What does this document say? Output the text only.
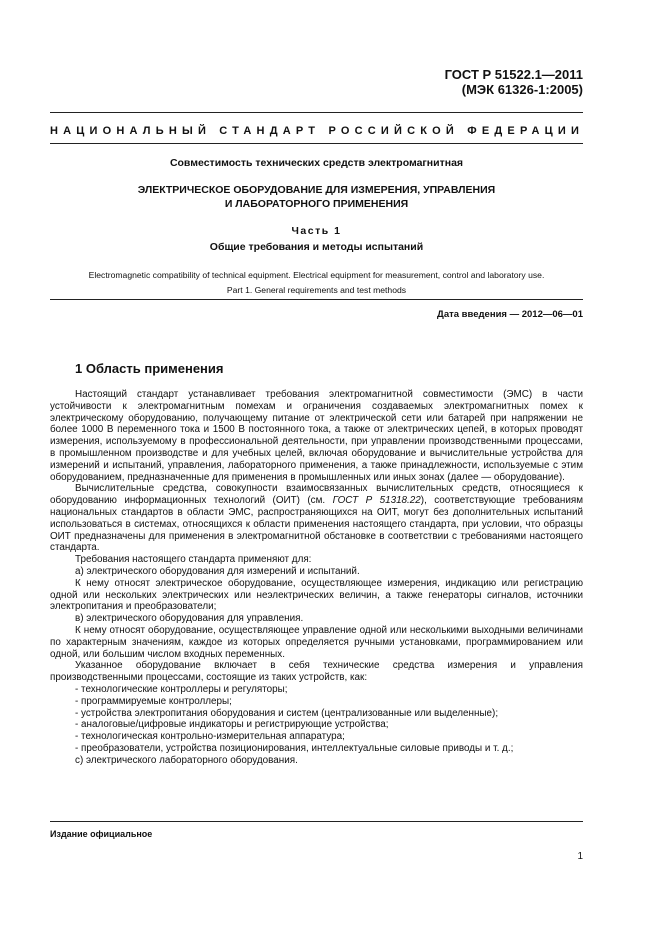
ГОСТ Р 51522.1—2011
(МЭК 61326-1:2005)
НАЦИОНАЛЬНЫЙ СТАНДАРТ РОССИЙСКОЙ ФЕДЕРАЦИИ
Совместимость технических средств электромагнитная
ЭЛЕКТРИЧЕСКОЕ ОБОРУДОВАНИЕ ДЛЯ ИЗМЕРЕНИЯ, УПРАВЛЕНИЯ
И ЛАБОРАТОРНОГО ПРИМЕНЕНИЯ
Часть 1
Общие требования и методы испытаний
Electromagnetic compatibility of technical equipment. Electrical equipment for measurement, control and laboratory use.
Part 1. General requirements and test methods
Дата введения — 2012—06—01
1 Область применения

Настоящий стандарт устанавливает требования электромагнитной совместимости (ЭМС) в части устойчивости к электромагнитным помехам и ограничения создаваемых электромагнитных помех к электрическому оборудованию, получающему питание от электрической сети или батарей при напряжении не более 1000 В переменного тока и 1500 В постоянного тока, а также от электрических цепей, в которых проводят измерения, используемому в профессиональной деятельности, при управлении производственными процессами, в промышленном производстве и для учебных целей, включая оборудование и вычислительные устройства для измерений и испытаний, управления, лабораторного применения, а также принадлежности, используемые с этим оборудованием, предназначенные для применения в промышленных или иных зонах (далее — оборудование).

Вычислительные средства, совокупности взаимосвязанных вычислительных средств, относящиеся к оборудованию информационных технологий (ОИТ) (см. ГОСТ Р 51318.22), соответствующие требованиям национальных стандартов в области ЭМС, распространяющихся на ОИТ, могут без дополнительных испытаний использоваться в системах, относящихся к области применения настоящего стандарта, при условии, что образцы ОИТ предназначены для применения в электромагнитной обстановке в соответствии с требованиями настоящего стандарта.

Требования настоящего стандарта применяют для:

а) электрического оборудования для измерений и испытаний.

К нему относят электрическое оборудование, осуществляющее измерения, индикацию или регистрацию одной или нескольких электрических или неэлектрических величин, а также генераторы сигналов, источники электропитания и преобразователи;

в) электрического оборудования для управления.

К нему относят оборудование, осуществляющее управление одной или несколькими выходными величинами по характерным значениям, каждое из которых определяется ручными установками, программированием или одной, или большим числом входных переменных.

Указанное оборудование включает в себя технические средства измерения и управления производственными процессами, состоящие из таких устройств, как:

- технологические контроллеры и регуляторы;

- программируемые контроллеры;

- устройства электропитания оборудования и систем (централизованные или выделенные);

- аналоговые/цифровые индикаторы и регистрирующие устройства;

- технологическая контрольно-измерительная аппаратура;

- преобразователи, устройства позиционирования, интеллектуальные силовые приводы и т. д.;

с) электрического лабораторного оборудования.

Издание официальное
1
